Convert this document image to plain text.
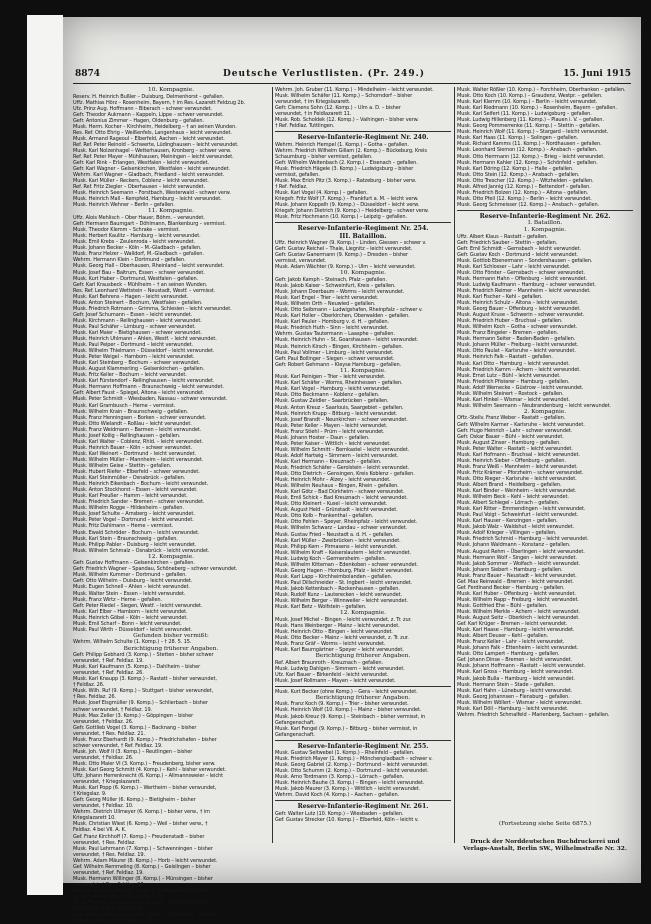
8874	Deutsche Verlustlisten. (Pr. 249.)	15. Juni 1915
10. Kompagnie.
Reserv. H. Heinrich Bußler – Duisburg, Delmenhorst – gefallen.
Uffz. Mathias Hörz – Rosenheim, Bayern, † im Res.-Lazarett Feldzug 2b.
Ufz. Prinz Aug. Hoffmann – Biberach – schwer verwundet.
Gefr. Theodor Aukmann – Kappeln, Lippe – schwer verwundet.
Gefr. Antonius Zimmer – Hagen, Oldenburg – gefallen.
Musk. Herm. Kocher – Kirchheim, Heidelberg – † an seinen Wunden.
Res. Ref. Otto Ehrig – Weißenfels, Langenhaus – leicht verwundet.
Musk. Armand Rageoul – Elberfeld, Aachen – leicht verwundet.
Ref. Ref. Peter Reinold – Schwerte, Lüdinghausen – leicht verwundet.
Musk. Karl Nolzenhagel – Wetterhausen, Kronberg – schwer verw.
Ref. Ref. Peter Mayer – Mühlhausen, Meiningen – leicht verwundet.
Gefr. Karl Rink – Erlangen, Westfalen – leicht verwundet.
Gefr. Karl Wagner – Gelsenkirchen, Westfalen – leicht verwundet.
Wehrm. Karl Wagner – Gladbach, Friedland – leicht verwundet.
Musk. Karl Müller – Reckers, Coblenz – leicht verwundet.
Ref. Ref. Fritz Ziegler – Oberhausen – leicht verwundet.
Musk. Heinrich Seemann – Forstbach, Westerwald – schwer verw.
Musk. Heinrich Mall – Kempfeld, Hamburg – leicht verwundet.
Musk. Heinrich Wehner – Berlin – gefallen.
11. Kompagnie.
Uffz. Alois Mehlisch – Ober Hauer, Böhm. – verwundet.
Gefr. Hermann Baumgart – Döhlmann, Blankenburg – vermisst.
Musk. Theodor Klemm – Schrake – vermisst.
Musk. Herbert Kaulitz – Hamburg – leicht verwundet.
Musk. Emil Krebs – Zeulenroda – leicht verwundet.
Musk. Johann Becker – Köln – M.-Gladbach – gefallen.
Musk. Franz Helzer – Walldorf, M.-Gladbach – gefallen.
Wehrm. Hermann Klein – Dortmund – gefallen.
Musk. Georg Hall – Oberhausen, Rheinland – leicht verwundet.
Musk. Josef Bau – Baltrum, Essen – schwer verwundet.
Musk. Kurt Haber – Dortmund, Westfalen – gefallen.
Gefr. Karl Krausbeck – Mühlheim – † an seinen Wunden.
Res. Ref. Leonhard Wettstein – Neustadt, Westf. – vermisst.
Musk. Karl Behrens – Hagen – leicht verwundet.
Musk. Anton Steinert – Bochum, Westfalen – gefallen.
Musk. Friedrich Rotmann – Grimma, Schlesien – leicht verwundet.
Gefr. Josef Schumann – Essen – leicht verwundet.
Musk. Kirchmann – Rellinghausen – leicht verwundet.
Musk. Paul Schäfer – Limburg – schwer verwundet.
Musk. Karl Maier – Bietighausen – schwer verwundet.
Musk. Heinrich Uhlmann – Ahlen, Westf. – leicht verwundet.
Musk. Paul Peiper – Dortmund – leicht verwundet.
Musk. Wilhelm Thielmann – Düsseldorf – leicht verwundet.
Musk. Peter Weigel – Hamborn – leicht verwundet.
Musk. Karl Steinberg – Bochum – schwer verwundet.
Musk. August Klammerling – Gelsenkirchen – gefallen.
Musk. Fritz Keller – Bochum – leicht verwundet.
Musk. Karl Fürstendorf – Rellinghausen – leicht verwundet.
Musk. Hermann Hoffmann – Braunschweig – leicht verwundet.
Gefr. Albert Faust – Spiegel, Altona – leicht verwundet.
Musk. Peter Schmidt – Wiesbaden, Nassau – schwer verwundet.
Musk. Karl Grambusch – Herne – vermisst.
Musk. Wilhelm Krain – Braunschweig – gefallen.
Musk. Franz Henningsen – Borken – schwer verwundet.
Musk. Otto Wielandt – Roßlau – leicht verwundet.
Musk. Franz Weidmann – Barmen – leicht verwundet.
Musk. Josef Kollig – Rellinghausen – gefallen.
Musk. Karl Walter – Coblenz, Rhld. – leicht verwundet.
Musk. Heinrich Bauer – Köln – schwer verwundet.
Musk. Karl Weinert – Dortmund – leicht verwundet.
Musk. Wilhelm Müller – Mannheim – leicht verwundet.
Musk. Wilhelm Geise – Stettin – gefallen.
Musk. Hubert Riefer – Elberfeld – schwer verwundet.
Musk. Karl Steinmüller – Osnabrück – gefallen.
Musk. Heinrich Eikenbach – Bochum – leicht verwundet.
Musk. Anton Stockhorst – Essen – leicht verwundet.
Musk. Karl Preußer – Hamm – leicht verwundet.
Musk. Friedrich Sander – Bremen – schwer verwundet.
Musk. Wilhelm Rogge – Hildesheim – gefallen.
Musk. Josef Schulte – Arnsberg – leicht verwundet.
Musk. Peter Vogel – Dortmund – leicht verwundet.
Musk. Fritz Dahlmann – Herne – vermisst.
Musk. Ewald Schröder – Bochum – leicht verwundet.
Musk. Karl Stein – Braunschweig – gefallen.
Musk. Philipp Pabler – Duisburg – leicht verwundet.
Musk. Wilhelm Schmalz – Osnabrück – leicht verwundet.
12. Kompagnie.
Gefr. Gustav Hoffmann – Gelsenkirchen – gefallen.
Gefr. Friedrich Wagner – Spandau, Schöneberg – schwer verwundet.
Musk. Wilhelm Kummer – Dortmund – gefallen.
Gefr. Otto Wilhelm – Duisburg – leicht verwundet.
Musk. Eugen Schnell – Ahlen – leicht verwundet.
Musk. Walter Stein – Essen – leicht verwundet.
Musk. Franz Wirtz – Herne – gefallen.
Gefr. Peter Riedel – Siegen, Westf. – leicht verwundet.
Musk. Karl Elber – Hamborn – leicht verwundet.
Musk. Heinrich Göbel – Köln – leicht verwundet.
Musk. Emil Scharf – Bonn – leicht verwundet.
Musk. Paul Wirth – Düsseldorf – leicht verwundet.
Gefunden bisher vermißt:
Wehrm. Wilhelm Schulte (1. Komp.) – † 28. 5. 15.
Berichtigung früherer Angaben.
Gefr. Philipp Gebhard (3. Komp.) – Stetten – bisher schwer
verwundet, † Ref. Feldlaz. 19.
Musk. Karl Kaufmann (5. Komp.) – Dahlheim – bisher
verwundet, † Ref. Feldlaz. 26.
Musk. Karl Knaupp (3. Komp.) – Rastatt – bisher verwundet,
† Feldlaz. 26.
Musk. Wilh. Ruf (9. Komp.) – Stuttgart – bisher verwundet,
† Res. Feldlaz. 26.
Musk. Josef Eisgmüller (9. Komp.) – Schlierbach – bisher
schwer verwundet, † Feldlaz. 19.
Musk. Max Zeller (3. Komp.) – Göppingen – bisher
verwundet, † Feldlaz. 26.
Gefr. Gottlieb Vogel (3. Komp.) – Backnang – bisher
verwundet, † Res. Feldlaz. 21.
Musk. Franz Eberhardt (9. Komp.) – Friedrichshafen – bisher
schwer verwundet, † Ref. Feldlaz. 19.
Musk. Joh. Wolf II (3. Komp.) – Reutlingen – bisher
verwundet, † Feldlaz. 26.
Musk. Otto Maier VI (3. Komp.) – Freudenberg, bisher verw.
Musk. Karl Georg Schmitt (4. Komp.) – Kehl – bisher verwundet.
Uffz. Johann Herrenknecht (6. Komp.) – Allmannsweier – leicht
verwundet, † Kriegslazarett.
Musk. Karl Popp (6. Komp.) – Wertheim – bisher verwundet,
† Kriegslaz. 9.
Gefr. Georg Müller (6. Komp.) – Bietigheim – bisher
verwundet, † Feldlaz. 10.
Wehrm. Dietrich Ullmeyer (6. Komp.) – bisher verw., † im
Kriegslazarett 10.
Musk. Christian Wiest (6. Komp.) – Weil – bisher verw., †
Feldlaz. 4 bei VII. A. K.
Gef. Franz Kirchhoff (7. Komp.) – Freudenstadt – bisher
verwundet, † Res. Feldlaz.
Musk. Paul Lehrmann (7. Komp.) – Schwenningen – bisher
verwundet, † Res. Feldlaz. 19.
Wehrm. Adam Mäurer (8. Komp.) – Horb – leicht verwundet.
Gef. Wilhelm Remmeling (8. Komp.) – Geislingen – bisher
verwundet, † Ref. Feldlaz. 19.
Musk. Hermann Willinger (8. Komp.) – Münsingen – bisher
verwundet, † Res. Feldlaz. 26.
Wehrm. Wilhelm Keim (8. Komp.) – Ludwigsburg – bisher
schwer verwundet, † Res. Feldlaz. 19.
Musk. Theodor Laumann (11. Komp.) – Marbach – bisher
verwundet, † Res. Feldlaz. 26.
Gefr. Wilhelm Waxhausen (11. Komp.) – Heilbronn – bisher
schwer verwundet, † Feldlaz. 20.
Wehrm. Joh. Gruber (11. Komp.) – Mindelheim – leicht verwundet.
Musk. Wilhelm Schäfer (11. Komp.) – Schorndorf – bisher
verwundet, † im Kriegslazarett.
Gefr. Clemens Sohn (12. Komp.) – Ulm a. D. – bisher
verwundet, † in Feldlazarett 11.
Musk. Rob. Scholdek (12. Komp.) – Vaihingen – bisher verw.
† Ref. Feldlaz. Tuttlingen.
Reserve-Infanterie-Regiment Nr. 240.
Wehrm. Heinrich Hempel (1. Komp.) – Gotha – gefallen.
Wehrm. Friedrich Wilhelm Gillam (2. Komp.) – Bückeburg, Kreis
Schaumburg – bisher vermisst, gefallen.
Gefr. Wilhelm Weitenbach (2. Komp.) – Eisenach – gefallen.
Musk. Friedrich Hägele (3. Komp.) – Ludwigsburg – bisher
vermisst, gefallen.
Musk. Max Erich Pitz (3. Komp.) – Ratzeburg – bisher verw.
† Ref. Feldlaz.
Musk. Karl Vogel (4. Komp.) – gefallen.
Kriegsfr. Fritz Wolf (7. Komp.) – Frankfurt a. M. – leicht verw.
Musk. Johann Koppelh (9. Komp.) – Düsseldorf – leicht verw.
Kriegsfr. Johann Dietrich (9. Komp.) – Heidelberg – schwer verw.
Musk. Fritz Hochmann (10. Komp.) – Leipzig – gefallen.
Reserve-Infanterie-Regiment Nr. 254.
III. Bataillon.
Uffz. Heinrich Wagner (9. Komp.) – Linden, Giessen – schwer v.
Gefr. Gustav Reichel – Thale, Liegnitz – leicht verwundet.
Gefr. Gustav Ganermann (9. Komp.) – Dresden – bisher
vermisst, verwundet.
Musk. Adam Wächter (9. Komp.) – Ulm – leicht verwundet.
10. Kompagnie.
Gefr. Jakob Kamph – Steinach, Pfalz – gefallen.
Musk. Jakob Kaiser – Schweinfurt, Kreis – gefallen.
Musk. Johann Doerbaum – Worms – leicht verwundet.
Musk. Karl Engel – Trier – leicht verwundet.
Musk. Wilhelm Orth – Neuwied – gefallen.
Musk. Otto Seibmann – Ludwigshafen, Rheinpfalz – schwer v.
Musk. Karl Holler – Oberkirchen, Oberwalden – gefallen.
Musk. Karl Pauler – Homburg v. d. H. – gefallen.
Musk. Friedrich Huth – Sinn – leicht verwundet.
Wehrm. Gustav Tautermann – Laasphe – gefallen.
Musk. Heinrich Huhn – St. Goarshausen – leicht verwundet.
Musk. Heinrich Kirsch – Bingen, Kirchheim – gefallen.
Musk. Paul Vollmer – Limburg – leicht verwundet.
Gefr. Paul Bollinger – Siegen – schwer verwundet.
Gefr. Robert Gehmann – Kleyse Hamburg – gefallen.
11. Kompagnie.
Musk. Karl Peinigen – Trier – leicht verwundet.
Musk. Karl Schäfer – Worms, Rheinhessen – gefallen.
Musk. Karl Vogel – Hamburg – leicht verwundet.
Musk. Otto Beckmann – Koblenz – gefallen.
Musk. Gustav Zeidler – Saarbrücken – gefallen.
Musk. Anton Kreuz – Saarlouis, Saargebiet – gefallen.
Musk. Heinrich Krupp – Bitburg – leicht verwundet.
Musk. Josef Brandt – Neunkirchen – schwer verwundet.
Musk. Peter Keller – Mayen – leicht verwundet.
Musk. Franz Stiehl – Prüm – leicht verwundet.
Musk. Johann Hoster – Daun – gefallen.
Musk. Peter Kaiser – Wittlich – leicht verwundet.
Musk. Wilhelm Schmitt – Bernkastel – leicht verwundet.
Musk. Adolf Hartwig – Simmern – leicht verwundet.
Musk. Karl Hermann – Kreuznach – gefallen.
Musk. Friedrich Schäfer – Gerolstein – leicht verwundet.
Musk. Otto Dietrich – Gensingen, Kreis Koblenz – gefallen.
Musk. Heinrich Mohr – Alzey – leicht verwundet.
Musk. Wilhelm Neuhaus – Bingen, Rhein – gefallen.
Musk. Karl Götz – Bad Dürkheim – schwer verwundet.
Musk. Emil Schick – Bad Kreuznach – leicht verwundet.
Musk. Otto Kleinert – Kusel – leicht verwundet.
Musk. August Held – Grünstadt – leicht verwundet.
Musk. Otto Kolb – Frankenthal – gefallen.
Musk. Otto Fehlen – Speyer, Rheinpfalz – leicht verwundet.
Musk. Wilhelm Schwarz – Landau – schwer verwundet.
Musk. Gustav Fried – Neustadt a. d. H. – gefallen.
Musk. Karl Müller – Zweibrücken – leicht verwundet.
Musk. Philipp Kern – Pirmasens – leicht verwundet.
Musk. Wilhelm Kraft – Kaiserslautern – leicht verwundet.
Musk. Ludwig Koch – Germersheim – gefallen.
Musk. Wilhelm Kitteman – Edenkoben – schwer verwundet.
Musk. Georg Hagen – Homburg, Pfalz – leicht verwundet.
Musk. Karl Lapp – Kirchheimbolanden – gefallen.
Musk. Paul Dillschneider – St. Ingbert – leicht verwundet.
Musk. Jakob Kettenbach – Rockenhausen – gefallen.
Musk. Rudolf Kunz – Lauterecken – leicht verwundet.
Musk. Wilhelm Berger – Winnweiler – leicht verwundet.
Musk. Karl Betz – Wolfstein – gefallen.
12. Kompagnie.
Musk. Josef Michel – Bingen – leicht verwundet, z. Tr. zur.
Musk. Hans Weinberger – Mainz – leicht verwundet.
Musk. Heinrich Otto – Bingen – leicht verwundet.
Musk. Otto Becker – Mainz – leicht verwundet, z. Tr. zur.
Musk. Franz Gräf – Worms – leicht verwundet.
Musk. Karl Baumgärtner – Speyer – leicht verwundet.
Berichtigung früherer Angaben.
Ref. Albert Braunroth – Kreuznach – gefallen.
Musk. Ludwig Dahlgen – Simmern – leicht verwundet.
Ufz. Karl Bauer – Birkenfeld – leicht verwundet.
Musk. Josef Rollmann – Mayen – leicht verwundet.
Musk. Kurt Becker (ohne Komp.) – Gera – leicht verwundet.
Berichtigung früherer Angaben.
Musk. Franz Koch (9. Komp.) – Trier – bisher verwundet.
Musk. Heinrich Wolf (10. Komp.) – Mainz – bisher verwundet.
Musk. Jakob Kreuz (9. Komp.) – Steinbach – bisher vermisst, in
Gefangenschaft.
Musk. Karl Fengel (9. Komp.) – Bitburg – bisher vermisst, in
Gefangenschaft.
Reserve-Infanterie-Regiment Nr. 255.
Musk. Gustav Seltwebel (1. Komp.) – Rheinfeld – gefallen.
Musk. Friedrich Mayer (1. Komp.) – Mönchengladbach – schwer v.
Musk. Georg Gabriel (2. Komp.) – Dortmund – leicht verwundet.
Musk. Otto Schumm (2. Komp.) – Dortmund – leicht verwundet.
Musk. Arno Tordmann (3. Komp.) – Lörrach – gefallen.
Musk. Heinrich Bauhe (3. Komp.) – Bingen – leicht verwundet.
Musk. Jakob Maurer (3. Komp.) – Wittlich – leicht verwundet.
Wehrm. David Koch (4. Komp.) – Aachen – gefallen.
Reserve-Infanterie-Regiment Nr. 261.
Gefr. Walter Lutz (10. Komp.) – Wiesbaden – gefallen.
Gef. Gustav Strecker (10. Komp.) – Elberfeld, Köln – leicht v.
Musk. Walter Rößler (10. Komp.) – Forchheim, Oberfranken – gefallen.
Musk. Otto Koch (10. Komp.) – Graudenz, Westpr. – gefallen.
Musk. Karl Klemm (10. Komp.) – Berlin – leicht verwundet.
Musk. Karl Riedmann (10. Komp.) – Rosenheim, Bayern – gefallen.
Musk. Karl Seifert (11. Komp.) – Ludwigsburg – gefallen.
Musk. Ludwig Hillenberg (11. Komp.) – Plauen i. V. – gefallen.
Musk. Georg Pommerrenke (11. Komp.) – Stettin – gefallen.
Musk. Heinrich Wolf (11. Komp.) – Stargard – leicht verwundet.
Musk. Karl Haas (11. Komp.) – Solingen – gefallen.
Musk. Richard Kamms (11. Komp.) – Nordhausen – gefallen.
Musk. Leonhard Siemon (12. Komp.) – Ansbach – gefallen.
Musk. Otto Herrmann (12. Komp.) – Brieg – leicht verwundet.
Musk. Hermann Kahler (12. Komp.) – Schönfeld – gefallen.
Musk. Karl Döring (12. Komp.) – Halle – gefallen.
Musk. Otto Stein (12. Komp.) – Ansbach – gefallen.
Musk. Otto Trescher (12. Komp.) – Witzhelden – gefallen.
Musk. Alfred Jannig (12. Komp.) – Bettendorf – gefallen.
Musk. Friedrich Bolzen (12. Komp.) – Altona – gefallen.
Musk. Otto Pfeil (12. Komp.) – Berlin – leicht verwundet.
Musk. Georg Schmeisser (12. Komp.) – Ansbach – gefallen.
Reserve-Infanterie-Regiment Nr. 262.
I. Bataillon.
1. Kompagnie.
Uffz. Albert Klaus – Rastatt – gefallen.
Gefr. Friedrich Sauber – Stettin – gefallen.
Gefr. Emil Schmidt – Gernsbach – leicht verwundet.
Gefr. Gustav Koch – Dortmund – leicht verwundet.
Musk. Gottlob Ebenermann – Sondershausen – gefallen.
Musk. Karl Schlosser – Lahr – leicht verwundet.
Musk. Otto Förster – Gernsbach – schwer verwundet.
Musk. Hermann Hahn – Offenburg – leicht verwundet.
Musk. Ludwig Kaufmann – Hamburg – schwer verwundet.
Musk. Friedrich Reimer – Mannheim – leicht verwundet.
Musk. Karl Fischer – Kehl – gefallen.
Musk. Heinrich Schulz – Altona – leicht verwundet.
Musk. Georg Bauer – Offenburg – leicht verwundet.
Musk. August Kruse – Schwerin – schwer verwundet.
Musk. Friedrich Huber – Bruchsal – gefallen.
Musk. Wilhelm Koch – Gotha – schwer verwundet.
Musk. Franz Bingeler – Bremen – gefallen.
Musk. Hermann Seiter – Baden-Baden – gefallen.
Musk. Johann Müller – Freiburg – leicht verwundet.
Musk. Otto Paulat – Karlsruhe – leicht verwundet.
Musk. Heinrich Falk – Rastatt – gefallen.
Musk. Karl Otto – Hamburg – leicht verwundet.
Musk. Friedrich Kamm – Achern – leicht verwundet.
Musk. Ernst Lutz – Bühl – leicht verwundet.
Musk. Friedrich Pfisterer – Hamburg – gefallen.
Musk. Adolf Wernecke – Güstrow – leicht verwundet.
Musk. Wilhelm Steinert – Rostock – gefallen.
Musk. Karl Hinkel – Wismar – leicht verwundet.
Musk. Wilhelm Seemann – Neubrandenburg – leicht verwundet.
2. Kompagnie.
Offz.-Stellv. Franz Weber – Rastatt – gefallen.
Gefr. Wilhelm Karmer – Karlsruhe – leicht verwundet.
Gefr. Hugo Heinrich – Lahr – schwer verwundet.
Gefr. Oskar Bauer – Bühl – leicht verwundet.
Musk. August Zinser – Hamburg – gefallen.
Musk. Peter Walter – Rastatt – leicht verwundet.
Musk. Karl Hofmann – Bruchsal – leicht verwundet.
Musk. Heinrich Sieber – Offenburg – gefallen.
Musk. Franz Weiß – Mannheim – leicht verwundet.
Musk. Fritz Krämer – Pforzheim – schwer verwundet.
Musk. Otto Rieger – Karlsruhe – leicht verwundet.
Musk. Albert Brand – Heidelberg – gefallen.
Musk. Karl Binder – Weinheim – leicht verwundet.
Musk. Wilhelm Beck – Kehl – leicht verwundet.
Musk. Albert Schlegel – Lörrach – gefallen.
Musk. Karl Ritter – Emmendingen – leicht verwundet.
Musk. Paul Voigt – Schweinfurt – leicht verwundet.
Musk. Karl Hauser – Kenzingen – gefallen.
Musk. Jakob Walz – Waldshut – leicht verwundet.
Musk. Adolf Krieger – Villingen – gefallen.
Musk. Friedrich Schmid – Hamburg – leicht verwundet.
Musk. Johann Waldmann – Konstanz – gefallen.
Musk. August Rehm – Überlingen – leicht verwundet.
Musk. Hermann Wolf – Singen – leicht verwundet.
Musk. Jakob Sommer – Wolfach – leicht verwundet.
Musk. Johann Siebert – Hamburg – gefallen.
Musk. Franz Bauer – Neustadt – leicht verwundet.
Gef. Max Reinwald – Bremen – leicht verwundet.
Gef. Ferdinand Becker – Hamburg – gefallen.
Musk. Karl Huber – Offenburg – leicht verwundet.
Musk. Wilhelm Rapp – Freiburg – leicht verwundet.
Musk. Gottfried Ehe – Bühl – gefallen.
Musk. Wilhelm Merkle – Achern – leicht verwundet.
Musk. August Seitz – Oberkirch – leicht verwundet.
Gef. Karl Krüger – Bremen – leicht verwundet.
Musk. Karl Haase – Hamburg – leicht verwundet.
Musk. Albert Deuser – Kehl – gefallen.
Musk. Franz Keller – Lahr – leicht verwundet.
Musk. Johann Falk – Ettenheim – leicht verwundet.
Musk. Otto Lampert – Hamburg – gefallen.
Gef. Johann Dinse – Bremen – leicht verwundet.
Musk. Johann Hoffmann – Rastatt – leicht verwundet.
Musk. Karl Gross – Hamburg – leicht verwundet.
Musk. Jakob Bulla – Hamburg – leicht verwundet.
Musk. Hermann Stein – Stade – gefallen.
Musk. Karl Hahn – Lüneburg – leicht verwundet.
Musk. Georg Johannsen – Flensburg – gefallen.
Musk. Wilhelm Wöllert – Wismar – leicht verwundet.
Musk. Karl Döll – Hamburg – leicht verwundet.
Wehrm. Friedrich Schmalfeld – Marienberg, Sachsen – gefallen.
(Fortsetzung siehe Seite 6875.)
Druck der Norddeutschen Buchdruckerei und Verlags-Anstalt, Berlin SW., Wilhelmstraße Nr. 32.
